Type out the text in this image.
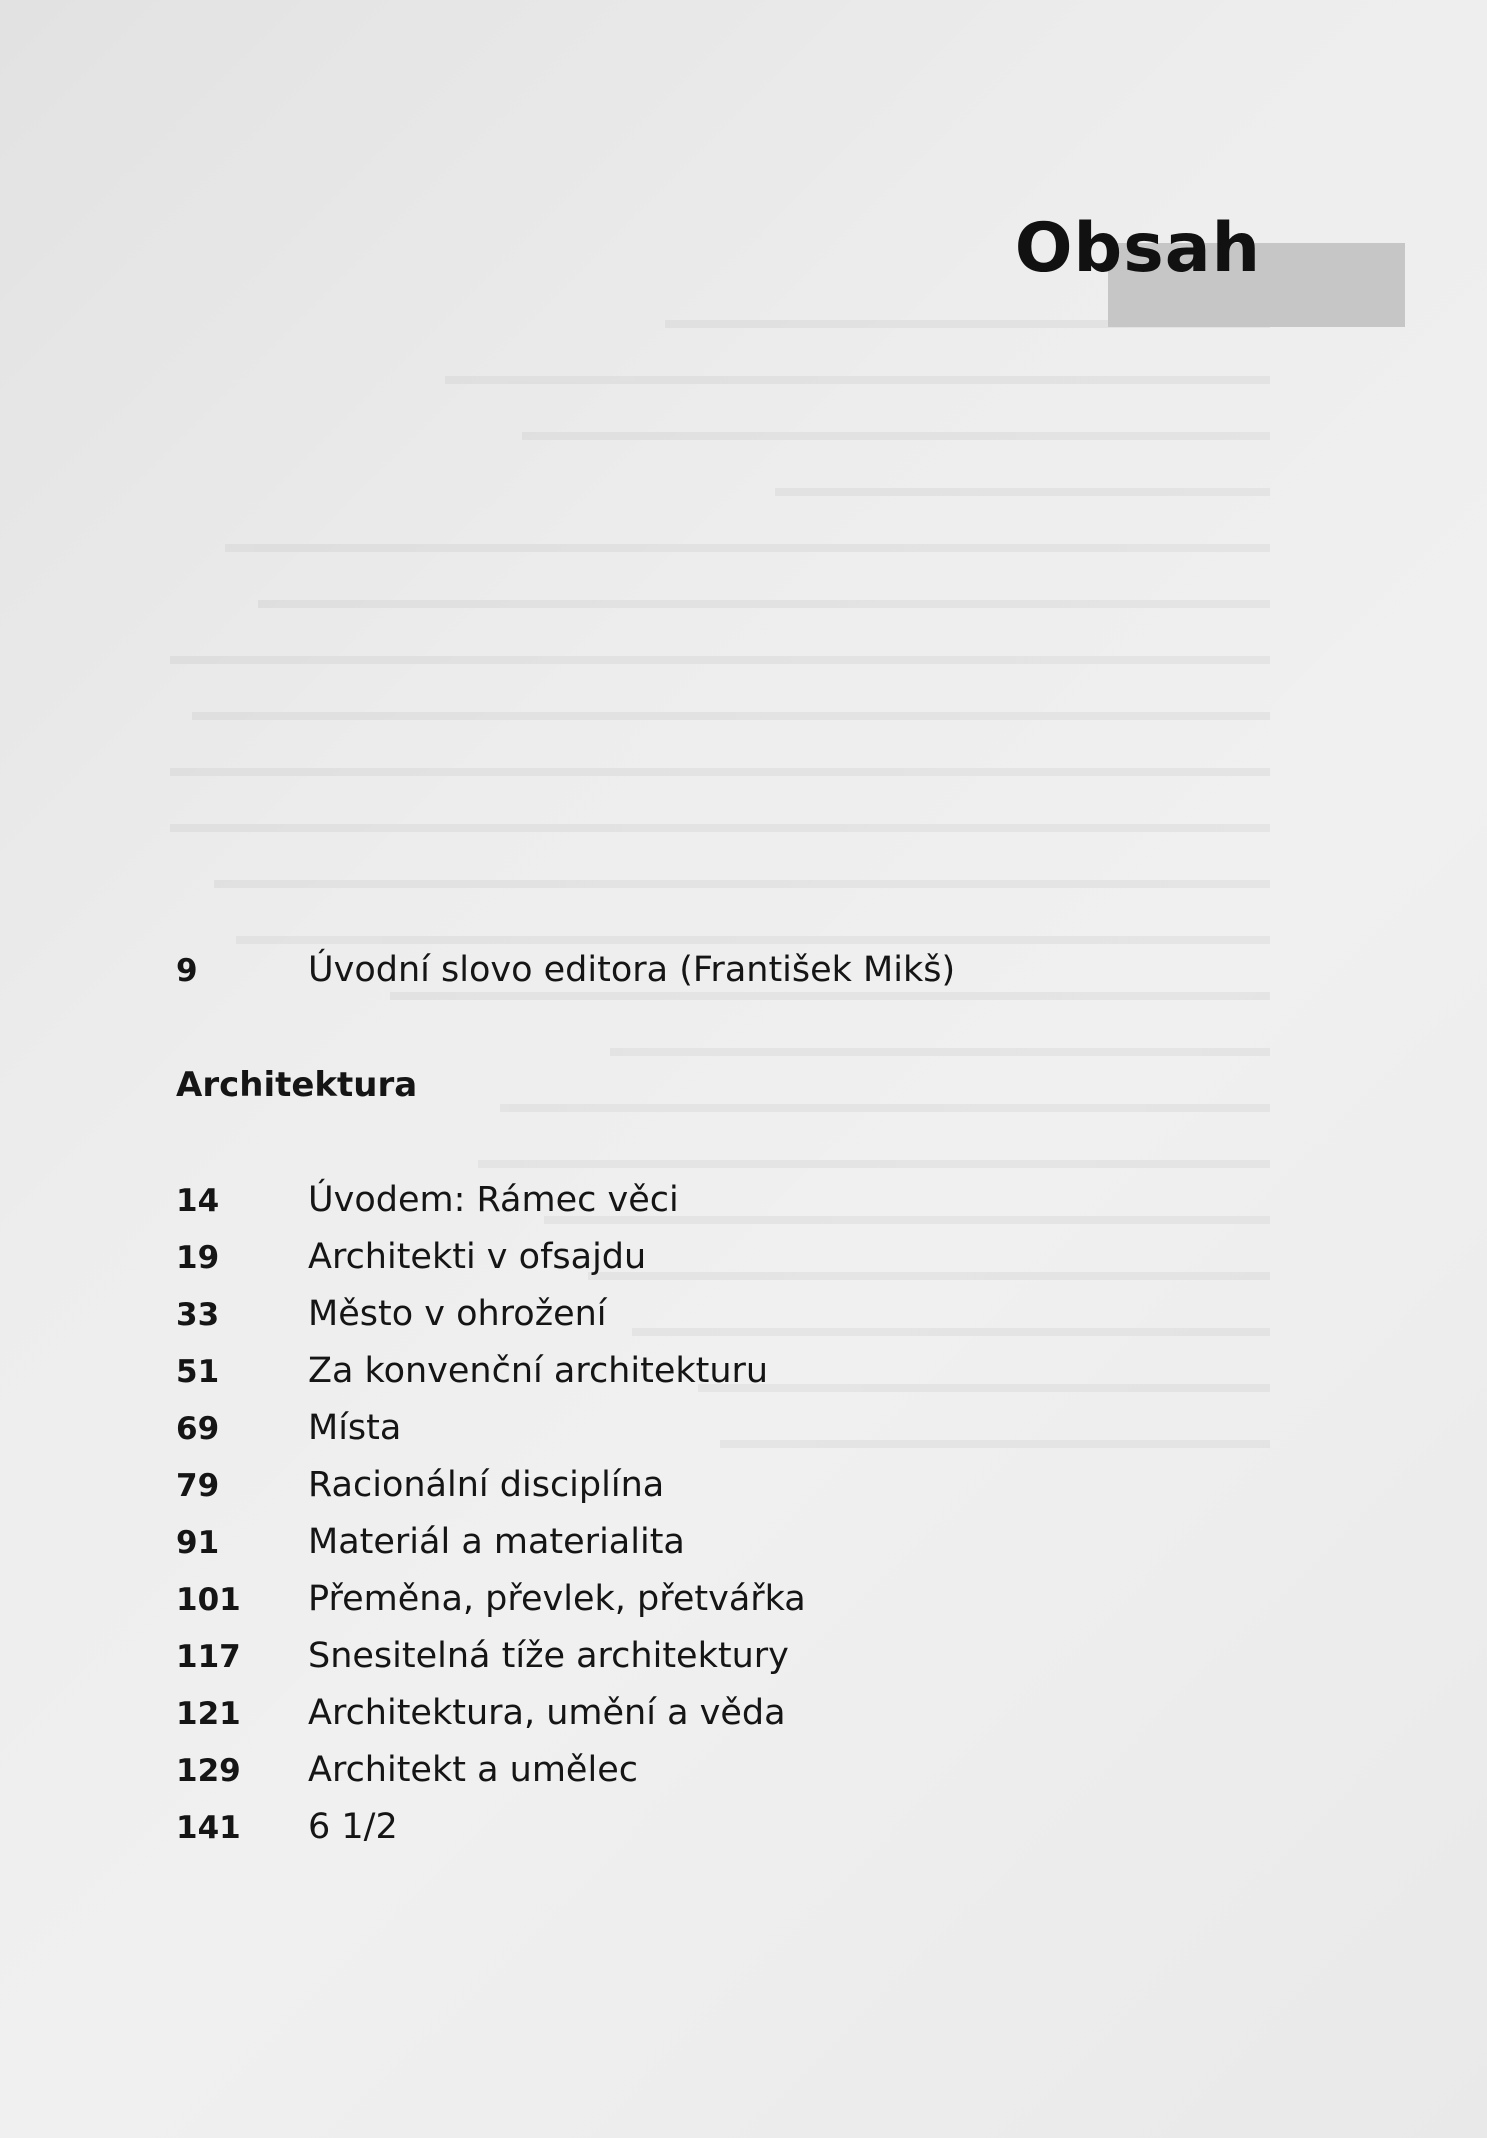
Obsah
9	Úvodní slovo editora (František Mikš)
Architektura
14	Úvodem: Rámec věci
19	Architekti v ofsajdu
33	Město v ohrožení
51	Za konvenční architekturu
69	Místa
79	Racionální disciplína
91	Materiál a materialita
101	Přeměna, převlek, přetvářka
117	Snesitelná tíže architektury
121	Architektura, umění a věda
129	Architekt a umělec
141	6 1/2
